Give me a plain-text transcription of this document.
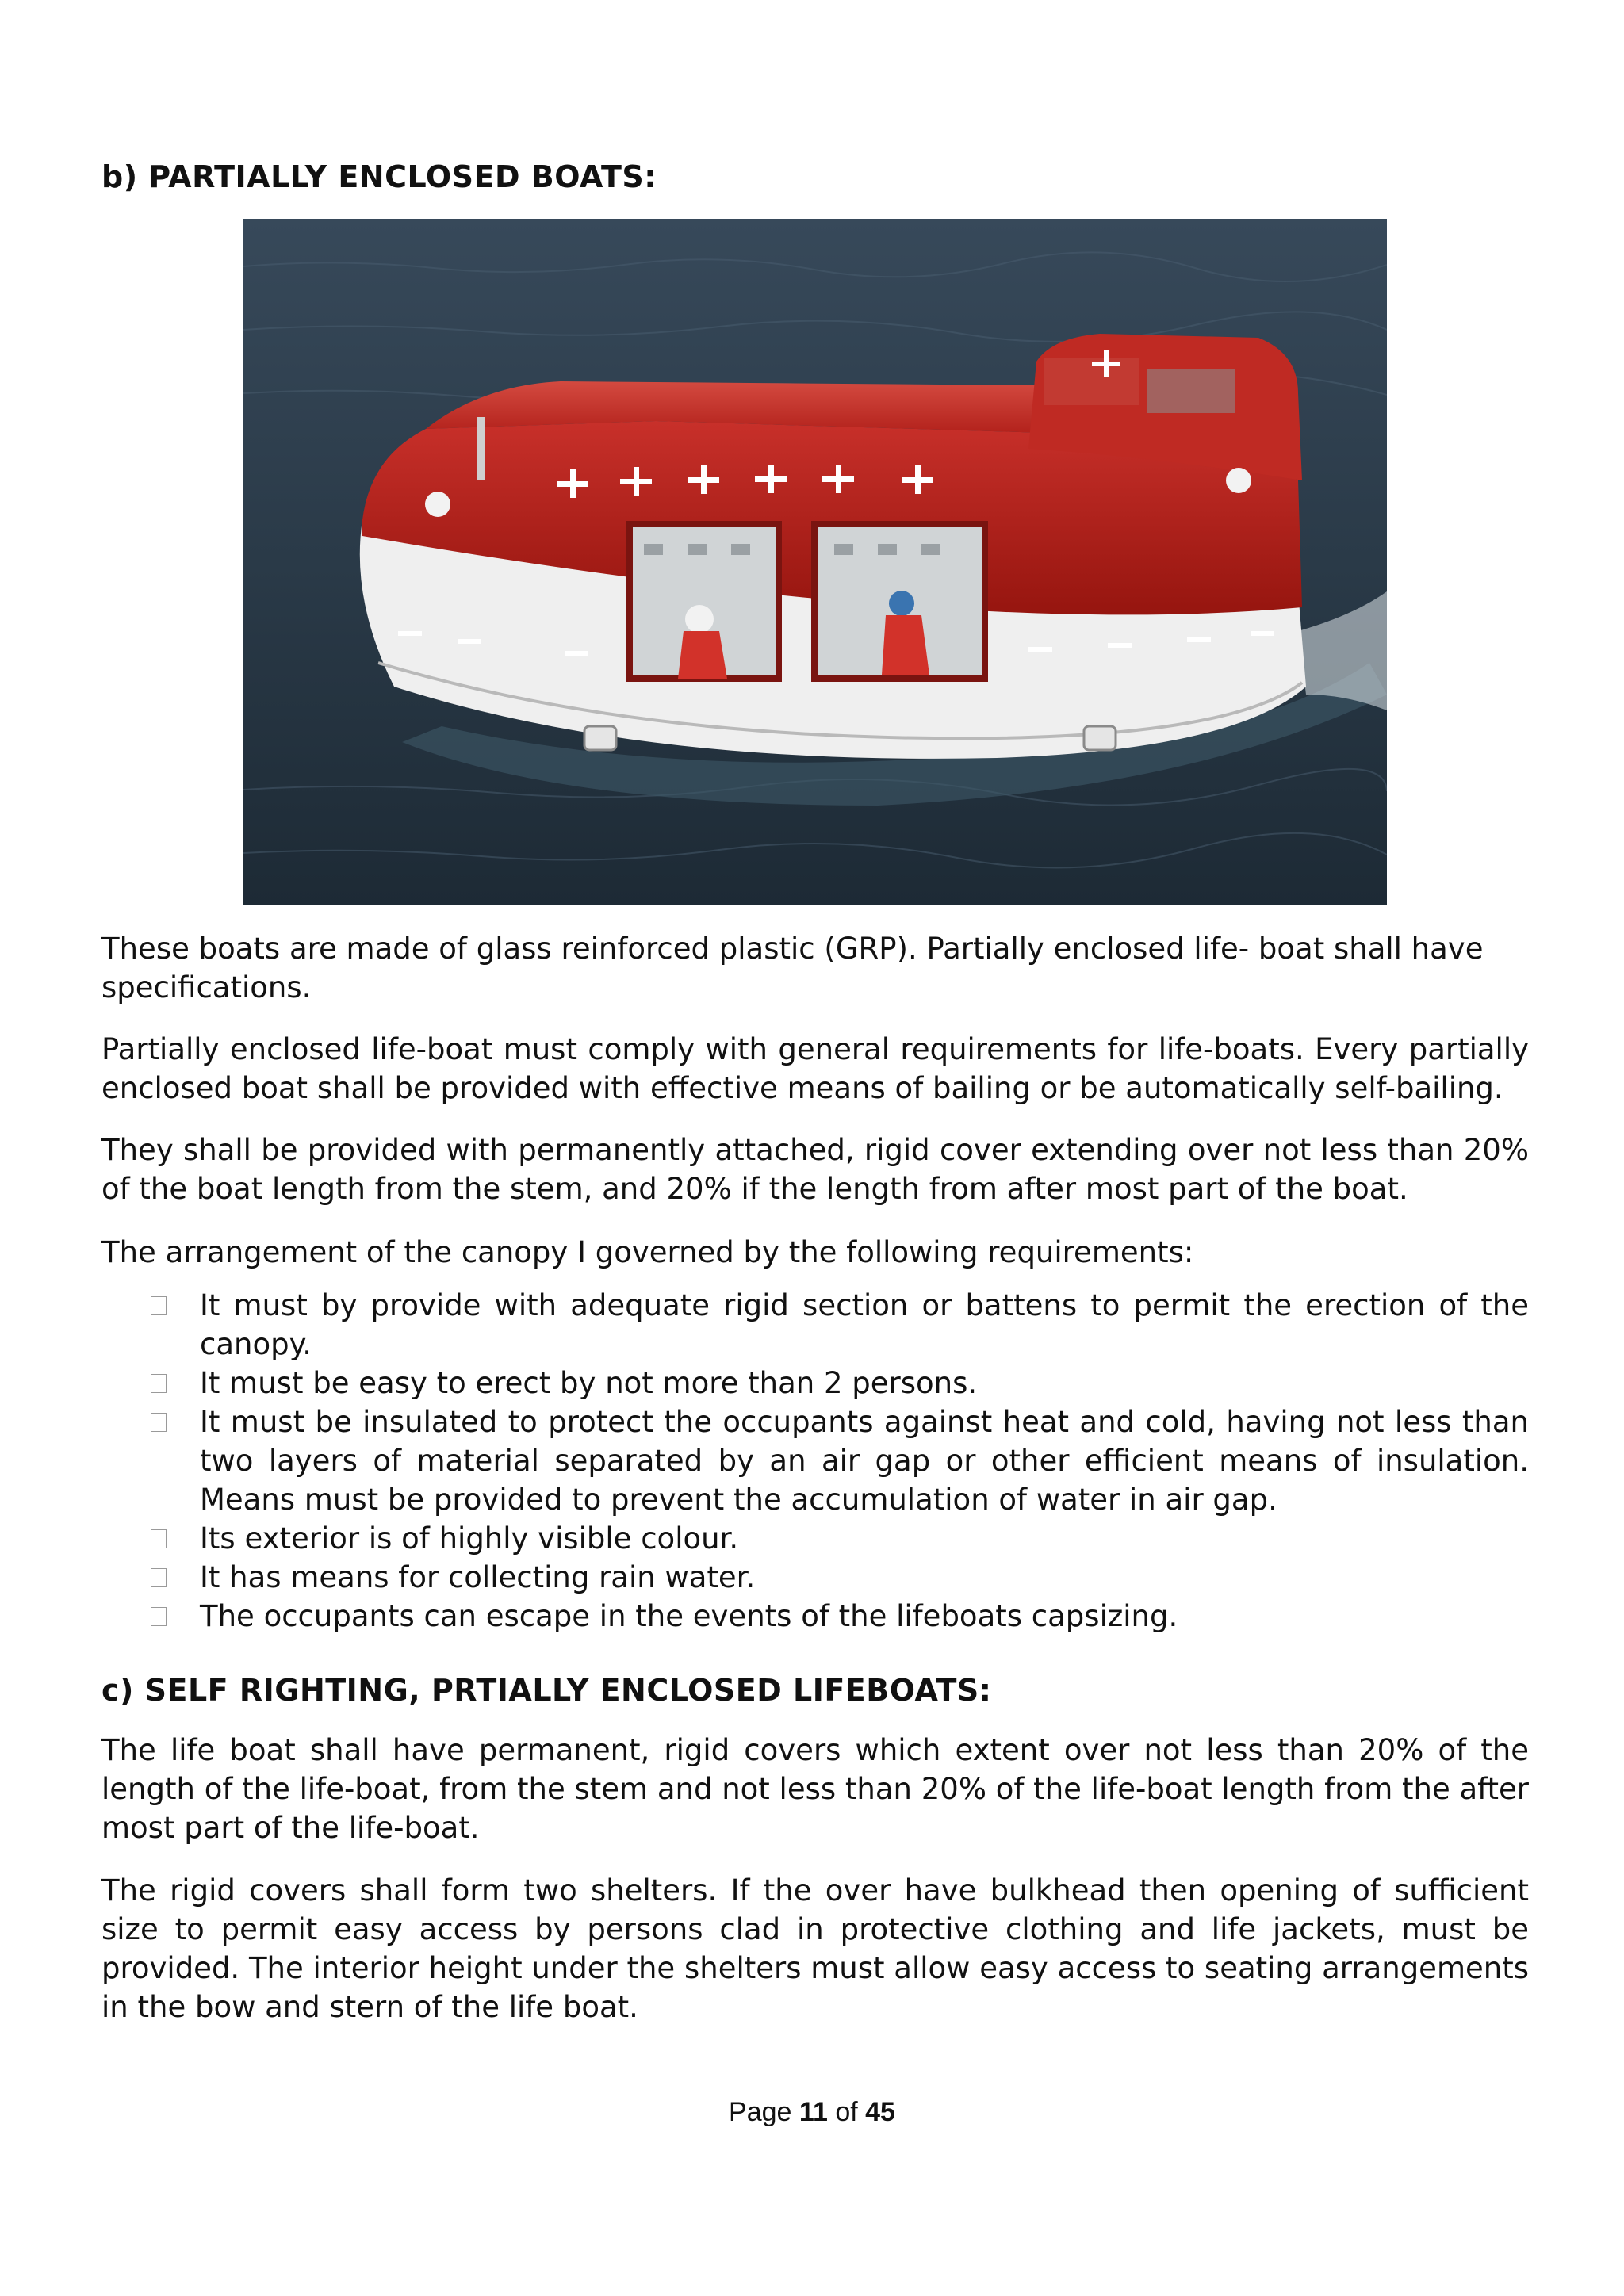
b) PARTIALLY ENCLOSED BOATS:

These boats are made of glass reinforced plastic (GRP). Partially enclosed life- boat shall have specifications.

Partially enclosed life-boat must comply with general requirements for life-boats. Every partially enclosed boat shall be provided with effective means of bailing or be automatically self-bailing.

They shall be provided with permanently attached, rigid cover extending over not less than 20% of the boat length from the stem, and 20% if the length from after most part of the boat.

The arrangement of the canopy I governed by the following requirements:

It must by provide with adequate rigid section or battens to permit the erection of the canopy.
It must be easy to erect by not more than 2 persons.
It must be insulated to protect the occupants against heat and cold, having not less than two layers of material separated by an air gap or other efficient means of insulation. Means must be provided to prevent the accumulation of water in air gap.
Its exterior is of highly visible colour.
It has means for collecting rain water.
The occupants can escape in the events of the lifeboats capsizing.
c) SELF RIGHTING, PRTIALLY ENCLOSED LIFEBOATS:

The life boat shall have permanent, rigid covers which extent over not less than 20% of the length of the life-boat, from the stem and not less than 20% of the life-boat length from the after most part of the life-boat.

The rigid covers shall form two shelters. If the over have bulkhead then opening of sufficient size to permit easy access by persons clad in protective clothing and life jackets, must be provided. The interior height under the shelters must allow easy access to seating arrangements in the bow and stern of the life boat.

Page 11 of 45
